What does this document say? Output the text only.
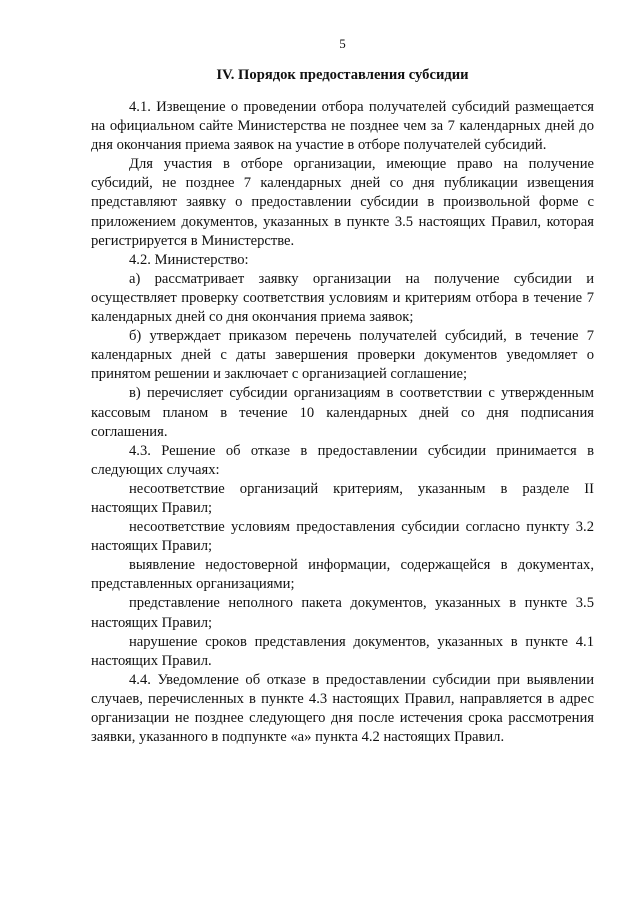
5
IV. Порядок предоставления субсидии

4.1. Извещение о проведении отбора получателей субсидий размещается на официальном сайте Министерства не позднее чем за 7 календарных дней до дня окончания приема заявок на участие в отборе получателей субсидий.

Для участия в отборе организации, имеющие право на получение субсидий, не позднее 7 календарных дней со дня публикации извещения представляют заявку о предоставлении субсидии в произвольной форме с приложением документов, указанных в пункте 3.5 настоящих Правил, которая регистрируется в Министерстве.

4.2. Министерство:

а) рассматривает заявку организации на получение субсидии и осуществляет проверку соответствия условиям и критериям отбора в течение 7 календарных дней со дня окончания приема заявок;

б) утверждает приказом перечень получателей субсидий, в течение 7 календарных дней с даты завершения проверки документов уведомляет о принятом решении и заключает с организацией соглашение;

в) перечисляет субсидии организациям в соответствии с утвержденным кассовым планом в течение 10 календарных дней со дня подписания соглашения.

4.3. Решение об отказе в предоставлении субсидии принимается в следующих случаях:

несоответствие организаций критериям, указанным в разделе II настоящих Правил;

несоответствие условиям предоставления субсидии согласно пункту 3.2 настоящих Правил;

выявление недостоверной информации, содержащейся в документах, представленных организациями;

представление неполного пакета документов, указанных в пункте 3.5 настоящих Правил;

нарушение сроков представления документов, указанных в пункте 4.1 настоящих Правил.

4.4. Уведомление об отказе в предоставлении субсидии при выявлении случаев, перечисленных в пункте 4.3 настоящих Правил, направляется в адрес организации не позднее следующего дня после истечения срока рассмотрения заявки, указанного в подпункте «а» пункта 4.2 настоящих Правил.
